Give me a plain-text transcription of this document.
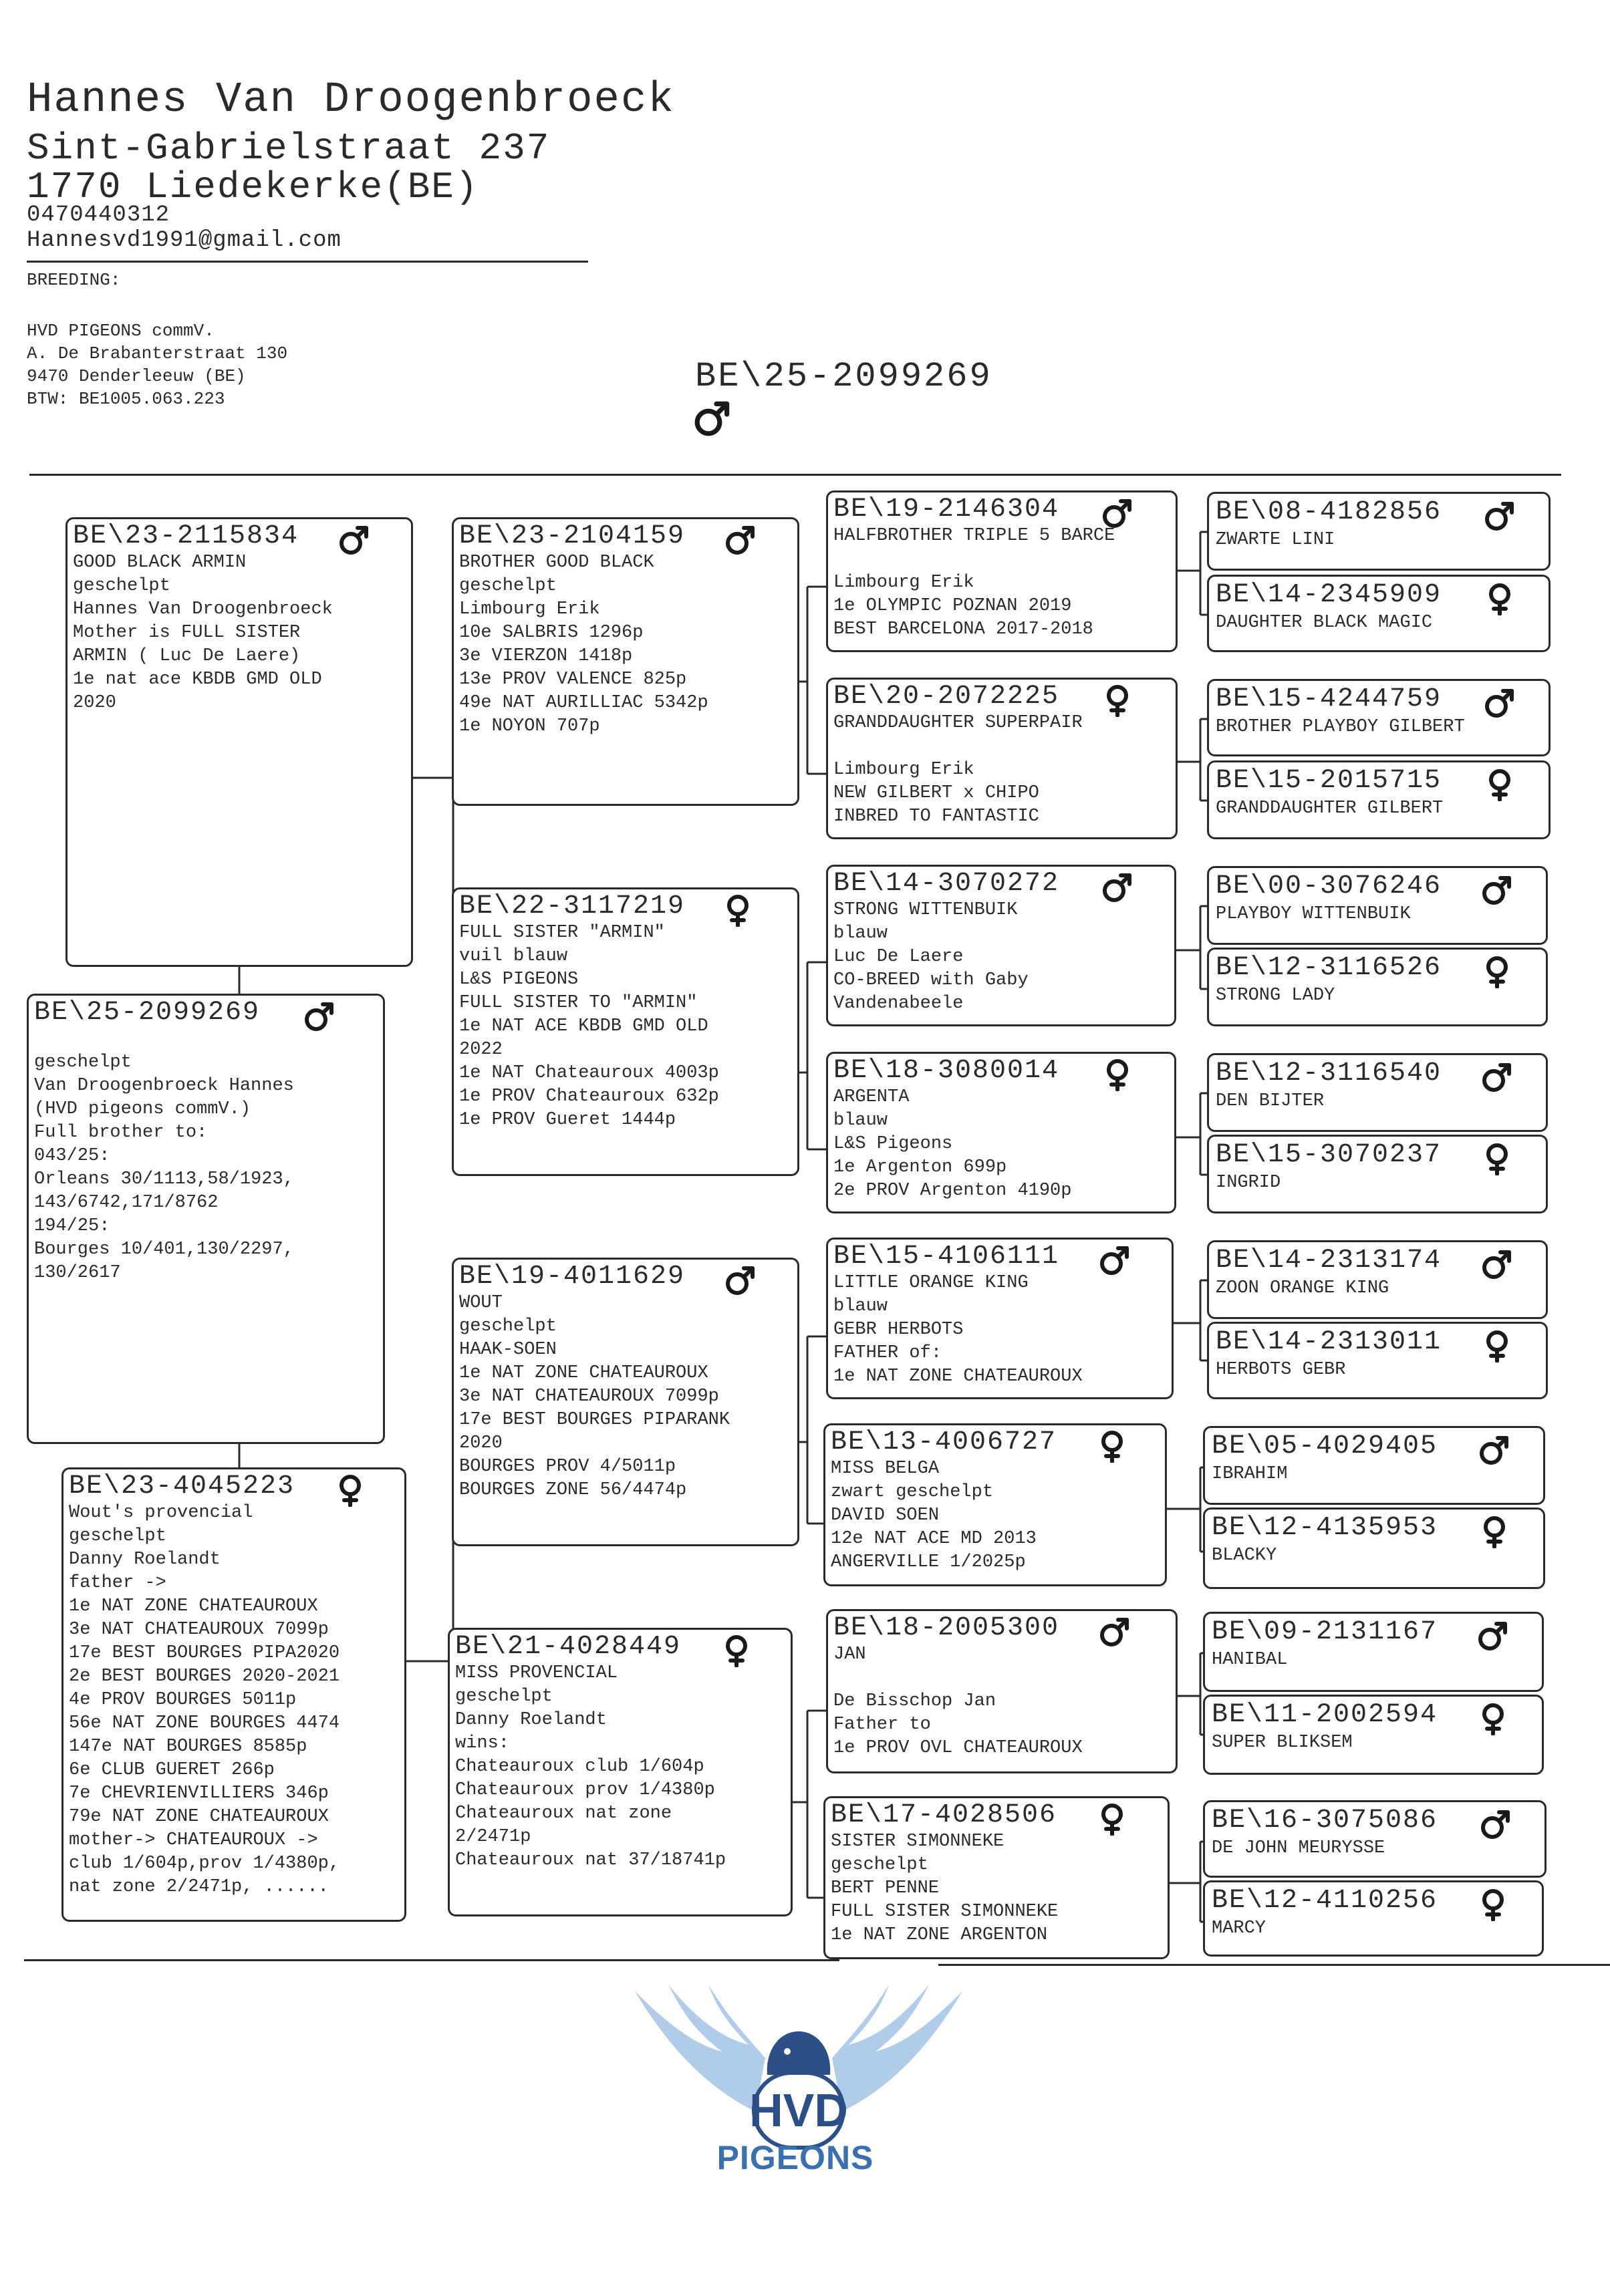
Hannes Van Droogenbroeck
Sint-Gabrielstraat 237
1770 Liedekerke(BE)
0470440312
Hannesvd1991@gmail.com
BREEDING:
HVD PIGEONS commV.
A. De Brabanterstraat 130
9470 Denderleeuw (BE)
BTW: BE1005.063.223
BE\25-2099269
BE\25-2099269

geschelpt
Van Droogenbroeck Hannes
(HVD pigeons commV.)
Full brother to:
043/25:
Orleans 30/1113,58/1923,
143/6742,171/8762
194/25:
Bourges 10/401,130/2297,
130/2617
BE\23-2115834
GOOD BLACK ARMIN
geschelpt
Hannes Van Droogenbroeck
Mother is FULL SISTER
ARMIN ( Luc De Laere)
1e nat ace KBDB GMD OLD
2020
BE\23-4045223
Wout's provencial
geschelpt
Danny Roelandt
father ->
1e NAT ZONE CHATEAUROUX
3e NAT CHATEAUROUX 7099p
17e BEST BOURGES PIPA2020
2e BEST BOURGES 2020-2021
4e PROV BOURGES 5011p
56e NAT ZONE BOURGES 4474
147e NAT BOURGES 8585p
6e CLUB GUERET 266p
7e CHEVRIENVILLIERS 346p
79e NAT ZONE CHATEAUROUX
mother-> CHATEAUROUX ->
club 1/604p,prov 1/4380p,
nat zone 2/2471p, ......
BE\23-2104159
BROTHER GOOD BLACK
geschelpt
Limbourg Erik
10e SALBRIS 1296p
3e VIERZON 1418p
13e PROV VALENCE 825p
49e NAT AURILLIAC 5342p
1e NOYON 707p
BE\22-3117219
FULL SISTER "ARMIN"
vuil blauw
L&S PIGEONS
FULL SISTER TO "ARMIN"
1e NAT ACE KBDB GMD OLD
2022
1e NAT Chateauroux 4003p
1e PROV Chateauroux 632p
1e PROV Gueret 1444p
BE\19-4011629
WOUT
geschelpt
HAAK-SOEN
1e NAT ZONE CHATEAUROUX
3e NAT CHATEAUROUX 7099p
17e BEST BOURGES PIPARANK
2020
BOURGES PROV 4/5011p
BOURGES ZONE 56/4474p
BE\21-4028449
MISS PROVENCIAL
geschelpt
Danny Roelandt
wins:
Chateauroux club 1/604p
Chateauroux prov 1/4380p
Chateauroux nat zone
2/2471p
Chateauroux nat 37/18741p
BE\19-2146304
HALFBROTHER TRIPLE 5 BARCE

Limbourg Erik
1e OLYMPIC POZNAN 2019
BEST BARCELONA 2017-2018
BE\20-2072225
GRANDDAUGHTER SUPERPAIR

Limbourg Erik
NEW GILBERT x CHIPO
INBRED TO FANTASTIC
BE\14-3070272
STRONG WITTENBUIK
blauw
Luc De Laere
CO-BREED with Gaby
Vandenabeele
BE\18-3080014
ARGENTA
blauw
L&S Pigeons
1e Argenton 699p
2e PROV Argenton 4190p
BE\15-4106111
LITTLE ORANGE KING
blauw
GEBR HERBOTS
FATHER of:
1e NAT ZONE CHATEAUROUX
BE\13-4006727
MISS BELGA
zwart geschelpt
DAVID SOEN
12e NAT ACE MD 2013
ANGERVILLE 1/2025p
BE\18-2005300
JAN

De Bisschop Jan
Father to
1e PROV OVL CHATEAUROUX
BE\17-4028506
SISTER SIMONNEKE
geschelpt
BERT PENNE
FULL SISTER SIMONNEKE
1e NAT ZONE ARGENTON
BE\08-4182856
ZWARTE LINI
BE\14-2345909
DAUGHTER BLACK MAGIC
BE\15-4244759
BROTHER PLAYBOY GILBERT
BE\15-2015715
GRANDDAUGHTER GILBERT
BE\00-3076246
PLAYBOY WITTENBUIK
BE\12-3116526
STRONG LADY
BE\12-3116540
DEN BIJTER
BE\15-3070237
INGRID
BE\14-2313174
ZOON ORANGE KING
BE\14-2313011
HERBOTS GEBR
BE\05-4029405
IBRAHIM
BE\12-4135953
BLACKY
BE\09-2131167
HANIBAL
BE\11-2002594
SUPER BLIKSEM
BE\16-3075086
DE JOHN MEURYSSE
BE\12-4110256
MARCY
HVD
PIGEONS
